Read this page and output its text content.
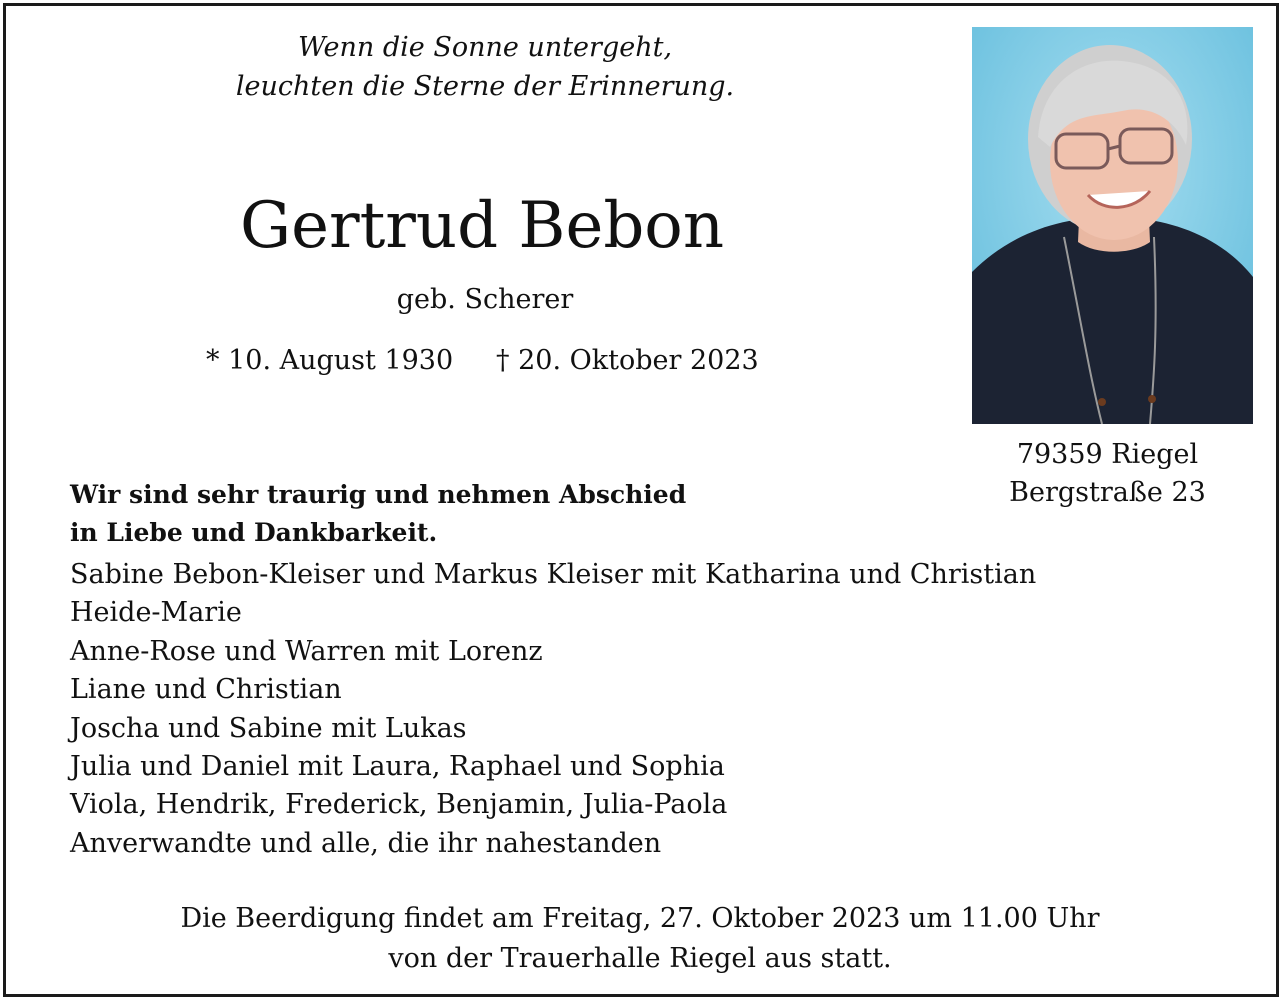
Wenn die Sonne untergeht,
leuchten die Sterne der Erinnerung.
Gertrud Bebon
geb. Scherer
* 10. August 1930 † 20. Oktober 2023
79359 Riegel
Bergstraße 23
Wir sind sehr traurig und nehmen Abschied
in Liebe und Dankbarkeit.
Sabine Bebon-Kleiser und Markus Kleiser mit Katharina und Christian
Heide-Marie
Anne-Rose und Warren mit Lorenz
Liane und Christian
Joscha und Sabine mit Lukas
Julia und Daniel mit Laura, Raphael und Sophia
Viola, Hendrik, Frederick, Benjamin, Julia-Paola
Anverwandte und alle, die ihr nahestanden
Die Beerdigung findet am Freitag, 27. Oktober 2023 um 11.00 Uhr
von der Trauerhalle Riegel aus statt.
